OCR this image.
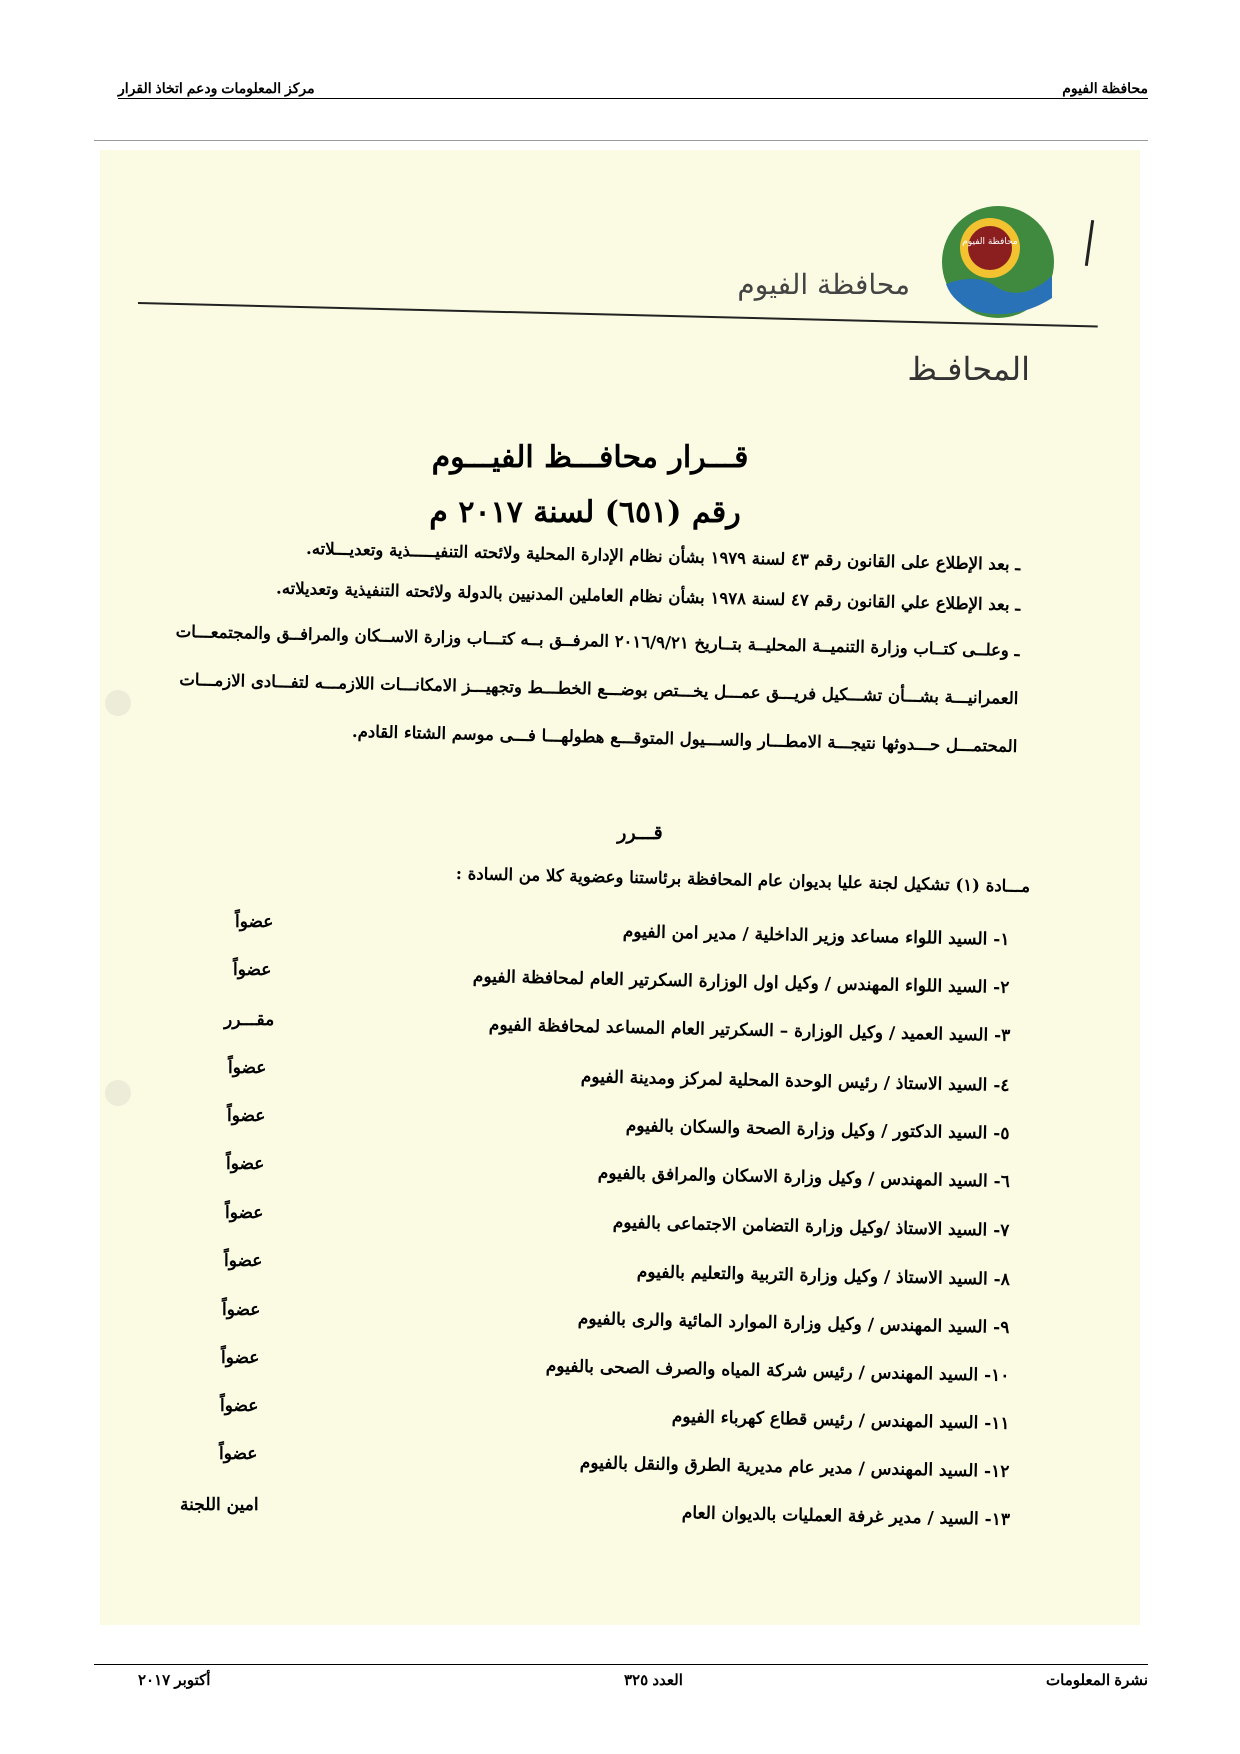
محافظة الفيوم
مركز المعلومات ودعم اتخاذ القرار
محافظة الفيوم
محافظة الفيوم
المحافـظ
قـــرار محافـــظ الفيـــوم
رقم (٦٥١) لسنة ٢٠١٧ م
ـ بعد الإطلاع على القانون رقم ٤٣ لسنة ١٩٧٩ بشأن نظام الإدارة المحلية ولائحته التنفيـــــذية وتعديـــلاته.
ـ بعد الإطلاع علي القانون رقم ٤٧ لسنة ١٩٧٨ بشأن نظام العاملين المدنيين بالدولة ولائحته التنفيذية وتعديلاته.
ـ وعلــى كتــاب وزارة التنميــة المحليــة بتــاريخ ٢٠١٦/٩/٢١ المرفــق بــه كتـــاب وزارة الاســكان والمرافــق والمجتمعـــات العمرانيـــة بشـــأن تشـــكيل فريـــق عمـــل يخـــتص بوضـــع الخطـــط وتجهيـــز الامكانـــات اللازمـــه لتفـــادى الازمـــات المحتمـــل حـــدوثها نتيجـــة الامطـــار والســـيول المتوقـــع هطولهـــا فـــى موسم الشتاء القادم.
قـــرر
مـــادة (١) تشكيل لجنة عليا بديوان عام المحافظة برئاستنا وعضوية كلا من السادة :
١- السيد اللواء مساعد وزير الداخلية / مدير امن الفيوم
عضواً
٢- السيد اللواء المهندس / وكيل اول الوزارة السكرتير العام لمحافظة الفيوم
عضواً
٣- السيد العميد / وكيل الوزارة – السكرتير العام المساعد لمحافظة الفيوم
مقـــرر
٤- السيد الاستاذ / رئيس الوحدة المحلية لمركز ومدينة الفيوم
عضواً
٥- السيد الدكتور / وكيل وزارة الصحة والسكان بالفيوم
عضواً
٦- السيد المهندس / وكيل وزارة الاسكان والمرافق بالفيوم
عضواً
٧- السيد الاستاذ /وكيل وزارة التضامن الاجتماعى بالفيوم
عضواً
٨- السيد الاستاذ / وكيل وزارة التربية والتعليم بالفيوم
عضواً
٩- السيد المهندس / وكيل وزارة الموارد المائية والرى بالفيوم
عضواً
١٠- السيد المهندس / رئيس شركة المياه والصرف الصحى بالفيوم
عضواً
١١- السيد المهندس / رئيس قطاع كهرباء الفيوم
عضواً
١٢- السيد المهندس / مدير عام مديرية الطرق والنقل بالفيوم
عضواً
١٣- السيد / مدير غرفة العمليات بالديوان العام
امين اللجنة
نشرة المعلومات
العدد ٣٢٥
أكتوبر ٢٠١٧
